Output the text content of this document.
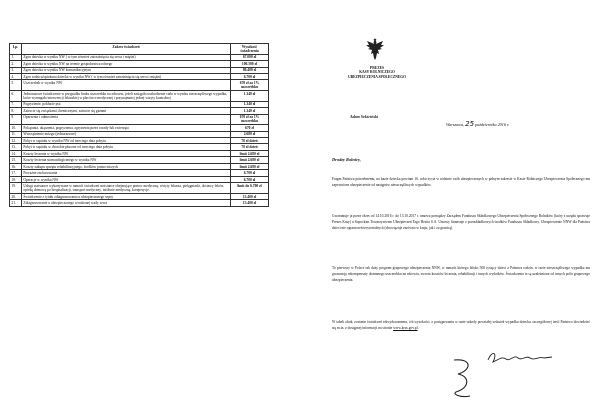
Lp.	Zakres świadczeń	Wysokość świadczenia
1.	Zgon dziecka w wyniku NW ( w tym również zatrzaśnięcia się serca i mięśni)	67.000 zł
2.	Zgon dziecka w wyniku NW na terenie gospodarstwa rolnego	100.500 zł
3.	Zgon dziecka w wyniku NW komunikacyjnym	80.400 zł
4.	Zgon rodzica/opiekuna dziecka w wyniku NW ( w tym również zatrzaśnięcia się serca i mięśni)	6.700 zł
5.	Uszczerbek w wyniku NW	670 zł za 1% uszczerbku
6.	Jednorazowe świadczenie w przypadku braku uszczerbku na zdrowiu, jeżeli zastąpiło uszkodzenie ciała w wyniku nieszczęśliwego wypadku, które wymagało interwencji lekarskiej w placówce medycznej i przynajmniej jednej wizyty kontrolnej	1.340 zł
7.	Pogryzienie, pokłucie psa	1.340 zł
8.	Zatrucie się związkami chemicznymi, zatrucie się gazami	1.340 zł
9.	Oparzenia i odmrożenia	670 zł za 1% uszczerbku
10.	Pokąsania, ukąszenia, pogryzienia, zgryzienia przez owady lub zwierzęta	670 zł
11.	Wstrząśnienie mózgu (jednorazowe)	2.680 zł
12.	Pobyt w szpitalu w wyniku NW od trzeciego dnia pobytu	70 zł dzień
13.	Pobyt w szpitalu w chorobie płacone od trzeciego dnia pobytu	70 zł dzień
14.	Koszty leczenia w wyniku NW	limit 2.680 zł
15.	Koszty leczenia stomatologicznego w wyniku NW	limit 2.680 zł
16.	Koszty zakupu sprzętu rehabilitacyjnego, środków pomocniczych	limit 2.680 zł
17.	Poważne zachorowania	6.700 zł
18.	Operacje w wyniku NW	6.700 zł
19.	Usługi assistance wykonywane w ramach świadczeń assistance obejmujące pomoc medyczną: wizyty lekarza, pielęgniarki, dostawy leków, opiekę domową po hospitalizacji, transport medyczny, infolinie medyczną, korepetycje.	limit do 6.700 zł
20.	Świadczenie z tytułu zdiagnozowania u ubezpieczonego sepsy	13.400 zł
21.	Zdiagnozowanie u ubezpieczonego wrodzonej wady serca	13.400 zł
PREZES
KASY ROLNICZEGO
UBEZPIECZENIA SPOŁECZNEGO
Adam Sekściński
Warszawa, 25 października 2016 r.
Drodzy Rolnicy,
Fragm Państwa potrzebnemu, na bazie dziecka powinni 16. roku życia w rodzinie osób ubezpieczonych w pełnym zakresie w Kasie Rolniczego Ubezpieczenia Społecznego ma zapewnione ubezpieczenie od następstw nieszczęśliwych wypadków.
Gwarantuje ja przez okres od 14.10.2016 r. do 13.10.2017 r. umowa pomiędzy Zarządem Funduszu Składkowego Ubezpieczenia Społecznego Rolników (który z urzędu sprawuje Prezes Kasy) a Sopockim Towarzystwem Ubezpieczeń Ergo Hestia S.A. Umowy finansuje z pozaskładkowych środków Funduszu Składkowy. Ubezpieczenie NNW dla Państwa dzieci nie ograniczeń terytorialnych (obowiązuje zarówno w kraju, jak i za granicą).
To pierwszy w Polsce tak duży program grupowego ubezpieczenia NNW, w ramach którego blisko 500 tysięcy dzieci z Państwa rodzin, w razie nieszczęśliwego wypadku ma gwarancję rekompensaty doznanego uszczerbku na zdrowiu, zwrotu kosztów leczenia, rehabilitacji i innych wydatków. Świadczenia te są uzależnione od innych polis grupowego ubezpieczenia.
W tabeli obok, zostanie świadczeń zdecydowanemu, ich wysokości, o postępowaniu w razie szkody powstałej wskutek wypadku dziecka, szczegółowej treść Państwo dowiedzieć się m.in. z dostępnej informacji na stronie www.krus.gov.pl.
